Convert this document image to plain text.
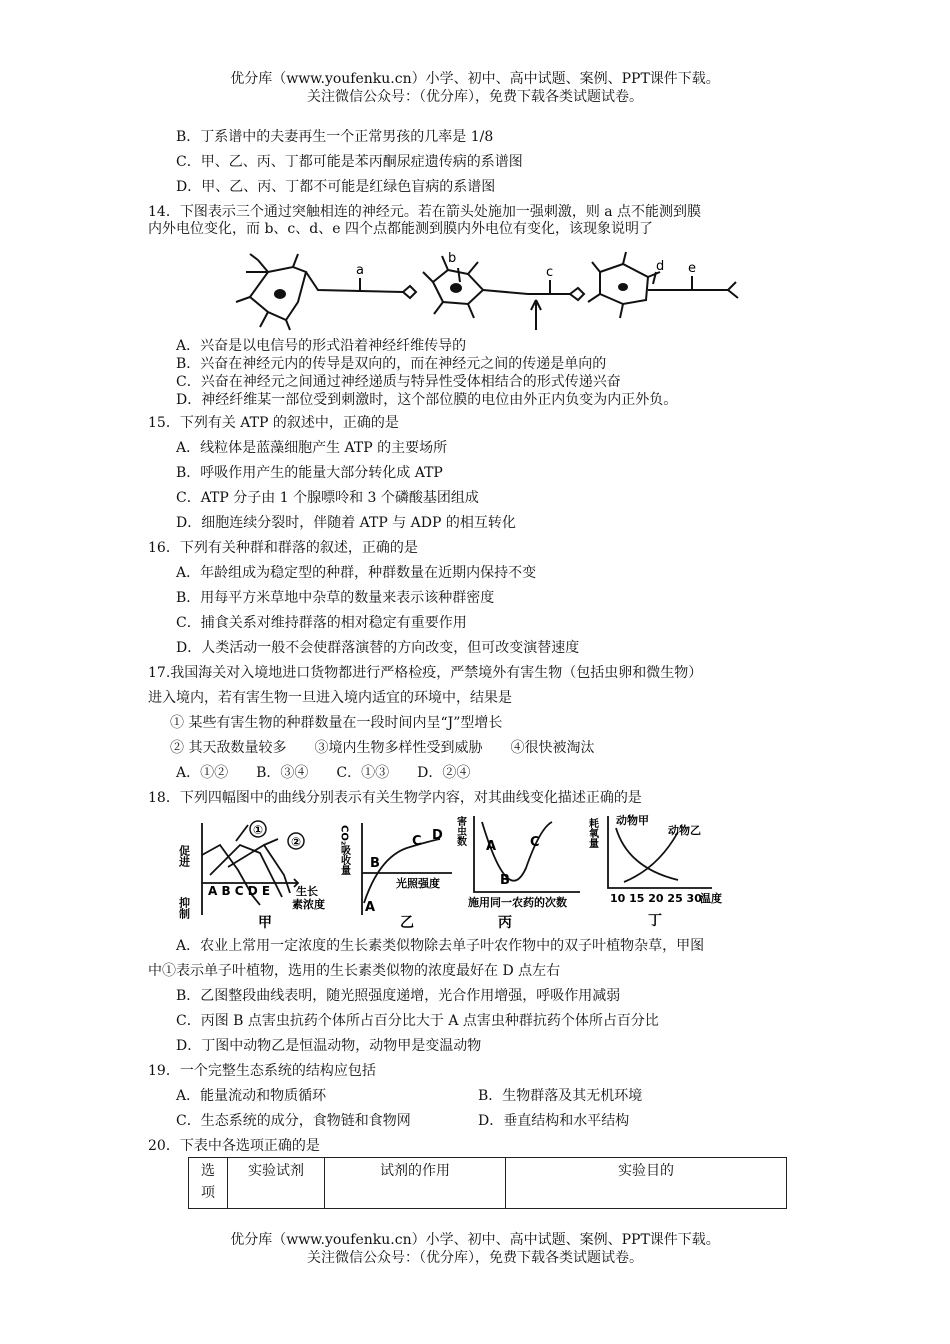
优分库（www.youfenku.cn）小学、初中、高中试题、案例、PPT课件下载。
关注微信公众号：（优分库），免费下载各类试题试卷。
B．丁系谱中的夫妻再生一个正常男孩的几率是 1/8
C．甲、乙、丙、丁都可能是苯丙酮尿症遗传病的系谱图
D．甲、乙、丙、丁都不可能是红绿色盲病的系谱图
14．下图表示三个通过突触相连的神经元。若在箭头处施加一强刺激，则 a 点不能测到膜
内外电位变化，而 b、c、d、e 四个点都能测到膜内外电位有变化，该现象说明了
a
b
c	d e
A．兴奋是以电信号的形式沿着神经纤维传导的
B．兴奋在神经元内的传导是双向的，而在神经元之间的传递是单向的
C．兴奋在神经元之间通过神经递质与特异性受体相结合的形式传递兴奋
D．神经纤维某一部位受到刺激时，这个部位膜的电位由外正内负变为内正外负。
15．下列有关 ATP 的叙述中，正确的是
A．线粒体是蓝藻细胞产生 ATP 的主要场所
B．呼吸作用产生的能量大部分转化成 ATP
C．ATP 分子由 1 个腺嘌呤和 3 个磷酸基团组成
D．细胞连续分裂时，伴随着 ATP 与 ADP 的相互转化
16．下列有关种群和群落的叙述，正确的是
A．年龄组成为稳定型的种群，种群数量在近期内保持不变
B．用每平方米草地中杂草的数量来表示该种群密度
C．捕食关系对维持群落的相对稳定有重要作用
D．人类活动一般不会使群落演替的方向改变，但可改变演替速度
17.我国海关对入境地进口货物都进行严格检疫，严禁境外有害生物（包括虫卵和微生物）
进入境内，若有害生物一旦进入境内适宜的环境中，结果是
① 某些有害生物的种群数量在一段时间内呈“J”型增长
② 其天敌数量较多　　③境内生物多样性受到威胁　　④很快被淘汰
A．①②　　B．③④　　C．①③　　D．②④
18．下列四幅图中的曲线分别表示有关生物学内容，对其曲线变化描述正确的是
①
②
促进
抑制
A B C D E 生长
素浓度
甲
CO₂吸收量 B
C D
A
光照强度
乙
害虫数
A	C
B
施用同一农药的次数
丙
耗氧量 动物甲
动物乙
10 15 20 25 30
温度
丁
A．农业上常用一定浓度的生长素类似物除去单子叶农作物中的双子叶植物杂草，甲图
中①表示单子叶植物，选用的生长素类似物的浓度最好在 D 点左右
B．乙图整段曲线表明，随光照强度递增，光合作用增强，呼吸作用减弱
C．丙图 B 点害虫抗药个体所占百分比大于 A 点害虫种群抗药个体所占百分比
D．丁图中动物乙是恒温动物，动物甲是变温动物
19．一个完整生态系统的结构应包括
A．能量流动和物质循环	B．生物群落及其无机环境
C．生态系统的成分，食物链和食物网	D．垂直结构和水平结构
20．下表中各选项正确的是
选
项
	实验试剂	试剂的作用	实验目的
优分库（www.youfenku.cn）小学、初中、高中试题、案例、PPT课件下载。
关注微信公众号：（优分库），免费下载各类试题试卷。
